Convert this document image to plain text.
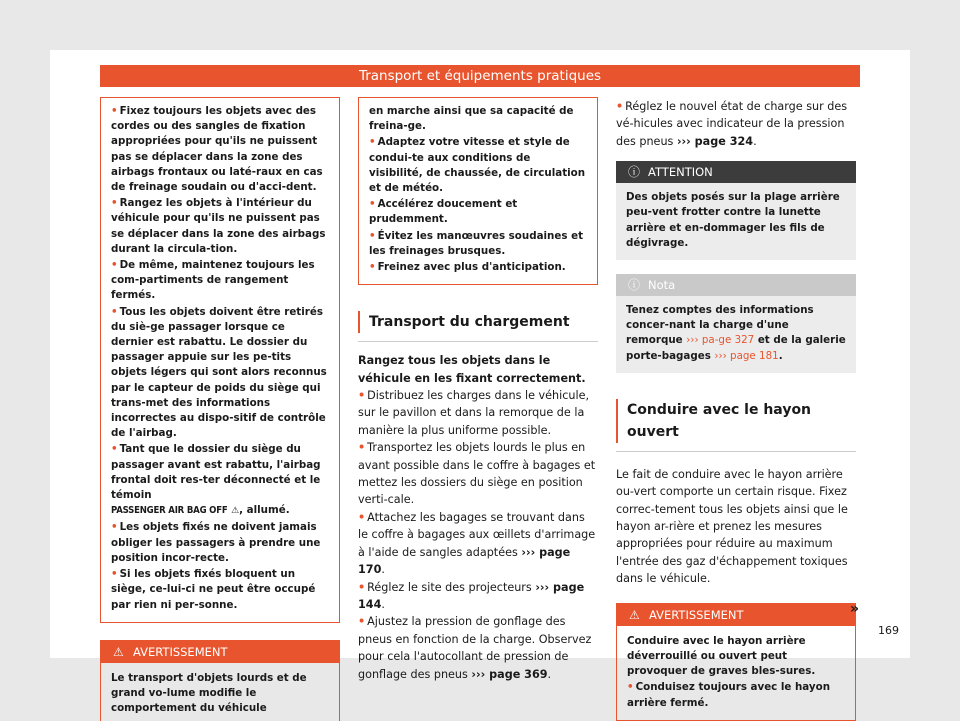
Transport et équipements pratiques

• Fixez toujours les objets avec des cordes ou des sangles de fixation appropriées pour qu'ils ne puissent pas se déplacer dans la zone des airbags frontaux ou laté-raux en cas de freinage soudain ou d'acci-dent.

• Rangez les objets à l'intérieur du véhicule pour qu'ils ne puissent pas se déplacer dans la zone des airbags durant la circula-tion.

• De même, maintenez toujours les com-partiments de rangement fermés.

• Tous les objets doivent être retirés du siè-ge passager lorsque ce dernier est rabattu. Le dossier du passager appuie sur les pe-tits objets légers qui sont alors reconnus par le capteur de poids du siège qui trans-met des informations incorrectes au dispo-sitif de contrôle de l'airbag.

• Tant que le dossier du siège du passager avant est rabattu, l'airbag frontal doit res-ter déconnecté et le témoin
PASSENGER AIR BAG OFF ⚠, allumé.

• Les objets fixés ne doivent jamais obliger les passagers à prendre une position incor-recte.

• Si les objets fixés bloquent un siège, ce-lui-ci ne peut être occupé par rien ni per-sonne.

⚠ AVERTISSEMENT

Le transport d'objets lourds et de grand vo-lume modifie le comportement du véhicule

en marche ainsi que sa capacité de freina-ge.

• Adaptez votre vitesse et style de condui-te aux conditions de visibilité, de chaussée, de circulation et de météo.

• Accélérez doucement et prudemment.

• Évitez les manœuvres soudaines et les freinages brusques.

• Freinez avec plus d'anticipation.

Transport du chargement

Rangez tous les objets dans le véhicule en les fixant correctement.

• Distribuez les charges dans le véhicule, sur le pavillon et dans la remorque de la manière la plus uniforme possible.

• Transportez les objets lourds le plus en avant possible dans le coffre à bagages et mettez les dossiers du siège en position verti-cale.

• Attachez les bagages se trouvant dans le coffre à bagages aux œillets d'arrimage à l'aide de sangles adaptées ››› page 170.

• Réglez le site des projecteurs ››› page 144.

• Ajustez la pression de gonflage des pneus en fonction de la charge. Observez pour cela l'autocollant de pression de gonflage des pneus ››› page 369.

• Réglez le nouvel état de charge sur des vé-hicules avec indicateur de la pression des pneus ››› page 324.

ⓘ ATTENTION

Des objets posés sur la plage arrière peu-vent frotter contre la lunette arrière et en-dommager les fils de dégivrage.

ⓘ Nota

Tenez comptes des informations concer-nant la charge d'une remorque ››› pa-ge 327 et de la galerie porte-bagages ››› page 181.

Conduire avec le hayon ouvert

Le fait de conduire avec le hayon arrière ou-vert comporte un certain risque. Fixez correc-tement tous les objets ainsi que le hayon ar-rière et prenez les mesures appropriées pour réduire au maximum l'entrée des gaz d'échappement toxiques dans le véhicule.

⚠ AVERTISSEMENT

Conduire avec le hayon arrière déverrouillé ou ouvert peut provoquer de graves bles-sures.

• Conduisez toujours avec le hayon arrière fermé.

»
169
